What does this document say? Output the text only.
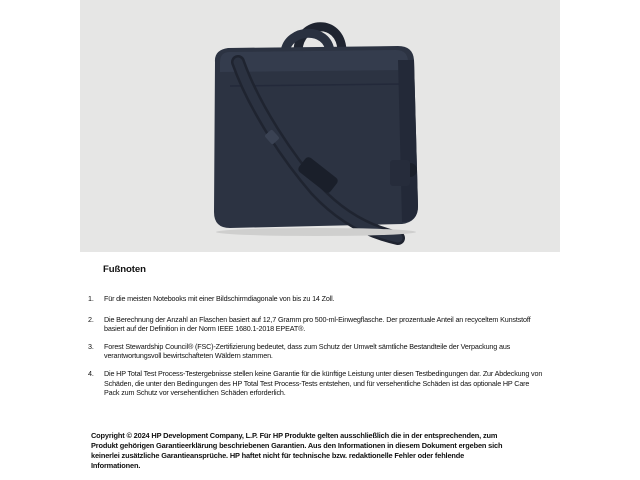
Fußnoten
1.	Für die meisten Notebooks mit einer Bildschirmdiagonale von bis zu 14 Zoll.
2.	Die Berechnung der Anzahl an Flaschen basiert auf 12,7 Gramm pro 500-ml-Einwegflasche. Der prozentuale Anteil an recyceltem Kunststoff basiert auf der Definition in der Norm IEEE 1680.1-2018 EPEAT®.
3.	Forest Stewardship Council® (FSC)-Zertifizierung bedeutet, dass zum Schutz der Umwelt sämtliche Bestandteile der Verpackung aus verantwortungsvoll bewirtschafteten Wäldern stammen.
4.	Die HP Total Test Process-Testergebnisse stellen keine Garantie für die künftige Leistung unter diesen Testbedingungen dar. Zur Abdeckung von Schäden, die unter den Bedingungen des HP Total Test Process-Tests entstehen, und für versehentliche Schäden ist das optionale HP Care Pack zum Schutz vor versehentlichen Schäden erforderlich.
Copyright © 2024 HP Development Company, L.P. Für HP Produkte gelten ausschließlich die in der entsprechenden, zum Produkt gehörigen Garantieerklärung beschriebenen Garantien. Aus den Informationen in diesem Dokument ergeben sich keinerlei zusätzliche Garantieansprüche. HP haftet nicht für technische bzw. redaktionelle Fehler oder fehlende Informationen.
